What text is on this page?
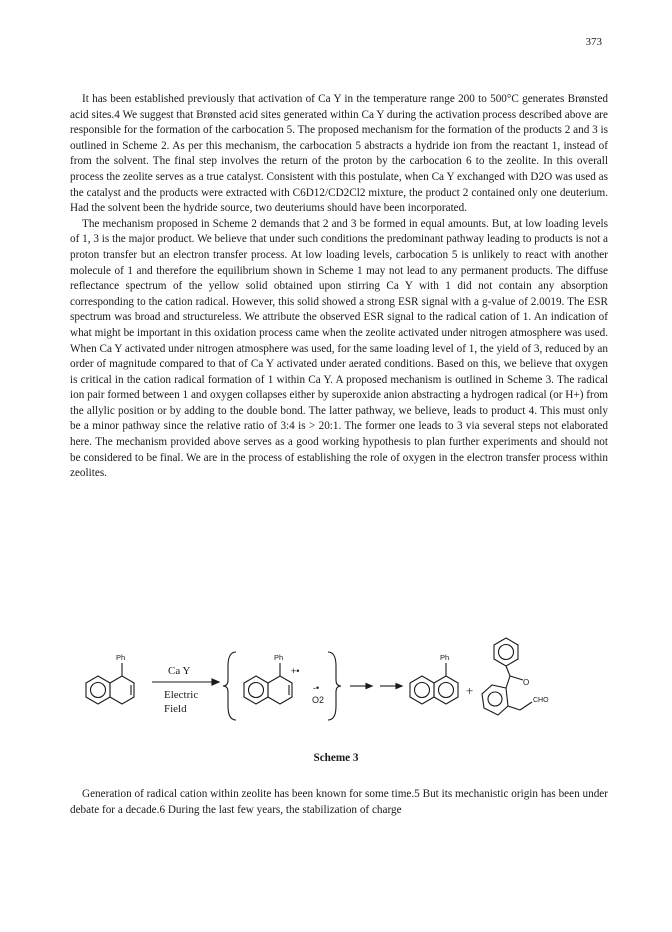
373

It has been established previously that activation of Ca Y in the temperature range 200 to 500°C generates Brønsted acid sites.4 We suggest that Brønsted acid sites generated within Ca Y during the activation process described above are responsible for the formation of the carbocation 5. The proposed mechanism for the formation of the products 2 and 3 is outlined in Scheme 2. As per this mechanism, the carbocation 5 abstracts a hydride ion from the reactant 1, instead of from the solvent. The final step involves the return of the proton by the carbocation 6 to the zeolite. In this overall process the zeolite serves as a true catalyst. Consistent with this postulate, when Ca Y exchanged with D2O was used as the catalyst and the products were extracted with C6D12/CD2Cl2 mixture, the product 2 contained only one deuterium. Had the solvent been the hydride source, two deuteriums should have been incorporated.

The mechanism proposed in Scheme 2 demands that 2 and 3 be formed in equal amounts. But, at low loading levels of 1, 3 is the major product. We believe that under such conditions the predominant pathway leading to products is not a proton transfer but an electron transfer process. At low loading levels, carbocation 5 is unlikely to react with another molecule of 1 and therefore the equilibrium shown in Scheme 1 may not lead to any permanent products. The diffuse reflectance spectrum of the yellow solid obtained upon stirring Ca Y with 1 did not contain any absorption corresponding to the cation radical. However, this solid showed a strong ESR signal with a g-value of 2.0019. The ESR spectrum was broad and structureless. We attribute the observed ESR signal to the radical cation of 1. An indication of what might be important in this oxidation process came when the zeolite activated under nitrogen atmosphere was used. When Ca Y activated under nitrogen atmosphere was used, for the same loading level of 1, the yield of 3, reduced by an order of magnitude compared to that of Ca Y activated under aerated conditions. Based on this, we believe that oxygen is critical in the cation radical formation of 1 within Ca Y. A proposed mechanism is outlined in Scheme 3. The radical ion pair formed between 1 and oxygen collapses either by superoxide anion abstracting a hydrogen radical (or H+) from the allylic position or by adding to the double bond. The latter pathway, we believe, leads to product 4. This must only be a minor pathway since the relative ratio of 3:4 is > 20:1. The former one leads to 3 via several steps not elaborated here. The mechanism provided above serves as a good working hypothesis to plan further experiments and should not be considered to be final. We are in the process of establishing the role of oxygen in the electron transfer process within zeolites.

Ph
Ca Y
Electric
Field
Ph
+•
-•
O2
Ph
+
O
CHO
Scheme 3

Generation of radical cation within zeolite has been known for some time.5 But its mechanistic origin has been under debate for a decade.6 During the last few years, the stabilization of charge
